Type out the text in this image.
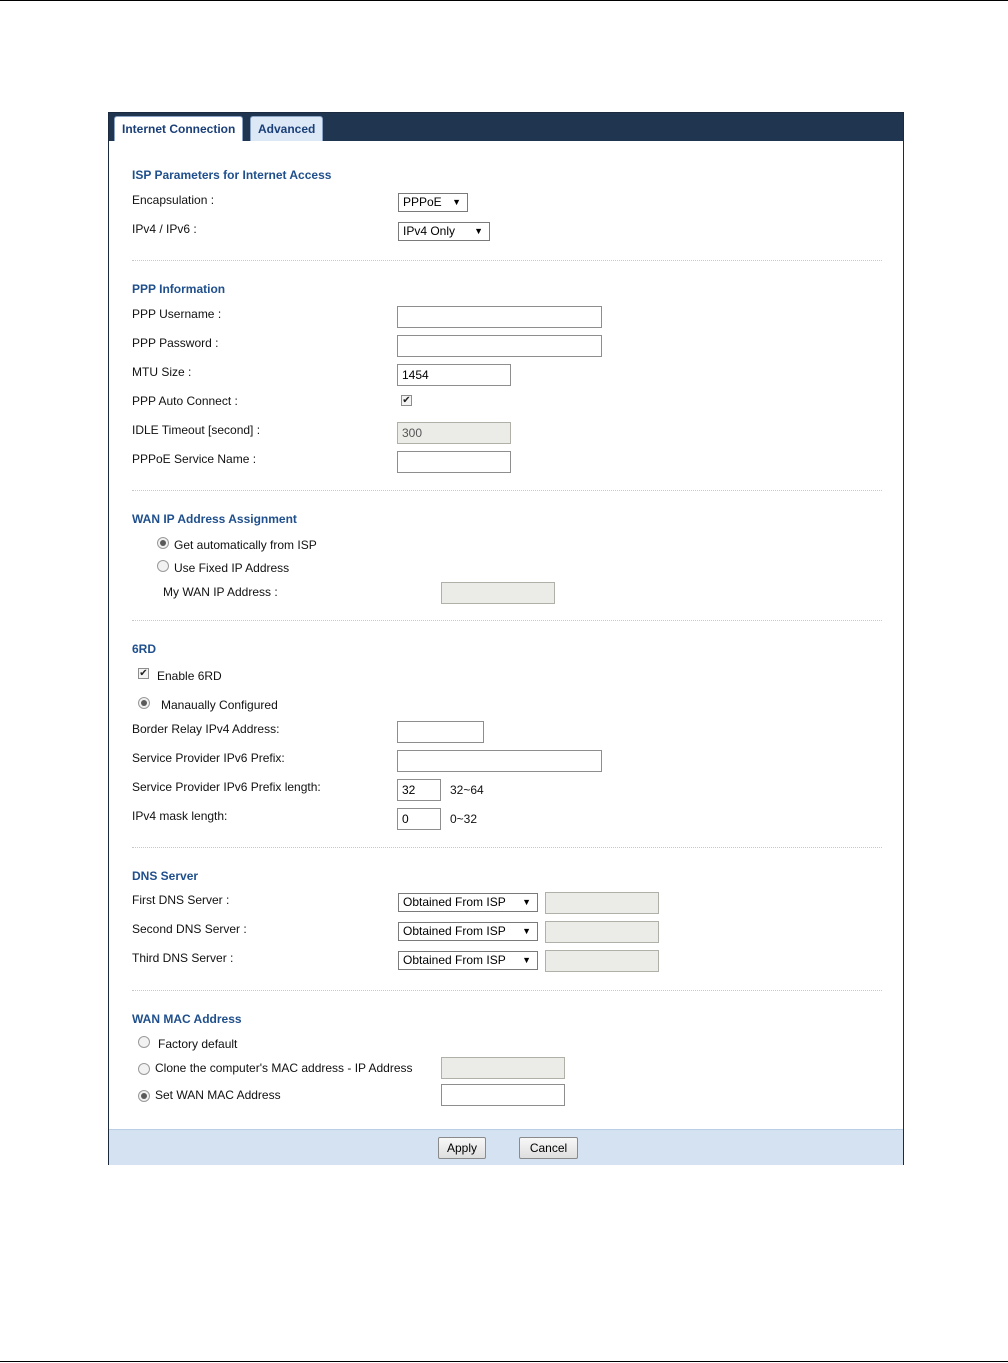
Internet Connection	Advanced
ISP Parameters for Internet Access
Encapsulation :	PPPoE ▼
IPv4 / IPv6 :	IPv4 Only ▼
PPP Information
PPP Username :
PPP Password :
MTU Size :	1454
PPP Auto Connect :	✔
IDLE Timeout [second] :	300
PPPoE Service Name :
WAN IP Address Assignment
Get automatically from ISP
Use Fixed IP Address
My WAN IP Address :
6RD
✔ Enable 6RD
Manaually Configured
Border Relay IPv4 Address:
Service Provider IPv6 Prefix:
Service Provider IPv6 Prefix length:	32	32~64
IPv4 mask length:	0	0~32
DNS Server
First DNS Server :	Obtained From ISP ▼
Second DNS Server :	Obtained From ISP ▼
Third DNS Server :	Obtained From ISP ▼
WAN MAC Address
Factory default
Clone the computer's MAC address - IP Address
Set WAN MAC Address
Apply	Cancel
